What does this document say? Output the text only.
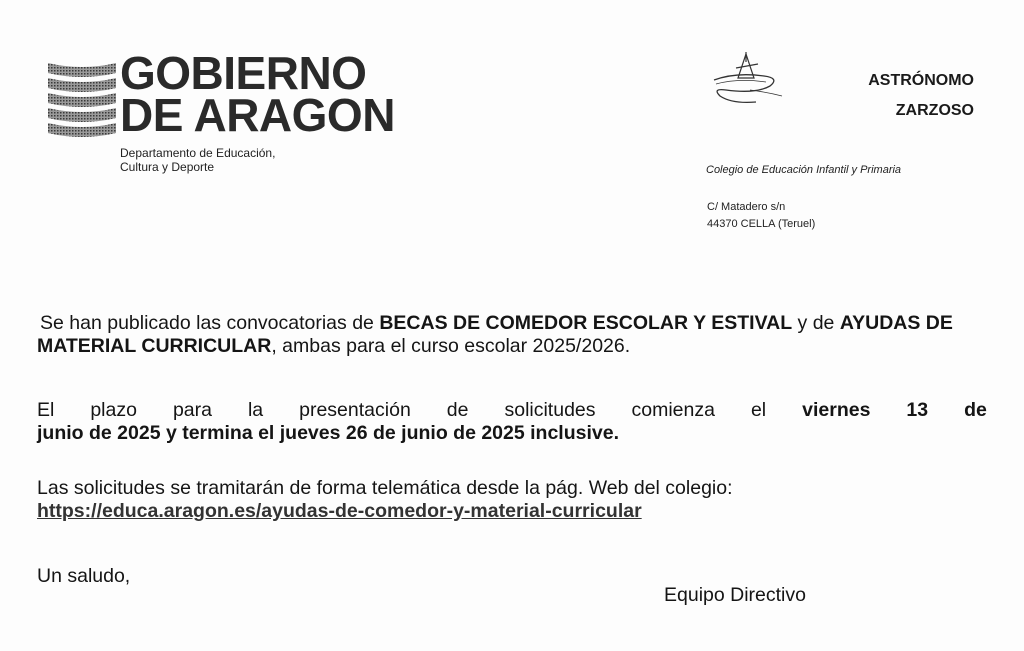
GOBIERNO
DE ARAGON
Departamento de Educación,
Cultura y Deporte
ASTRÓNOMO
ZARZOSO
Colegio de Educación Infantil y Primaria
C/ Matadero s/n
44370 CELLA (Teruel)
Se han publicado las convocatorias de BECAS DE COMEDOR ESCOLAR Y ESTIVAL y de AYUDAS DE MATERIAL CURRICULAR, ambas para el curso escolar 2025/2026.
El plazo para la presentación de solicitudes comienza el viernes 13 de
junio de 2025 y termina el jueves 26 de junio de 2025 inclusive.
Las solicitudes se tramitarán de forma telemática desde la pág. Web del colegio:
https://educa.aragon.es/ayudas-de-comedor-y-material-curricular
Un saludo,
Equipo Directivo
